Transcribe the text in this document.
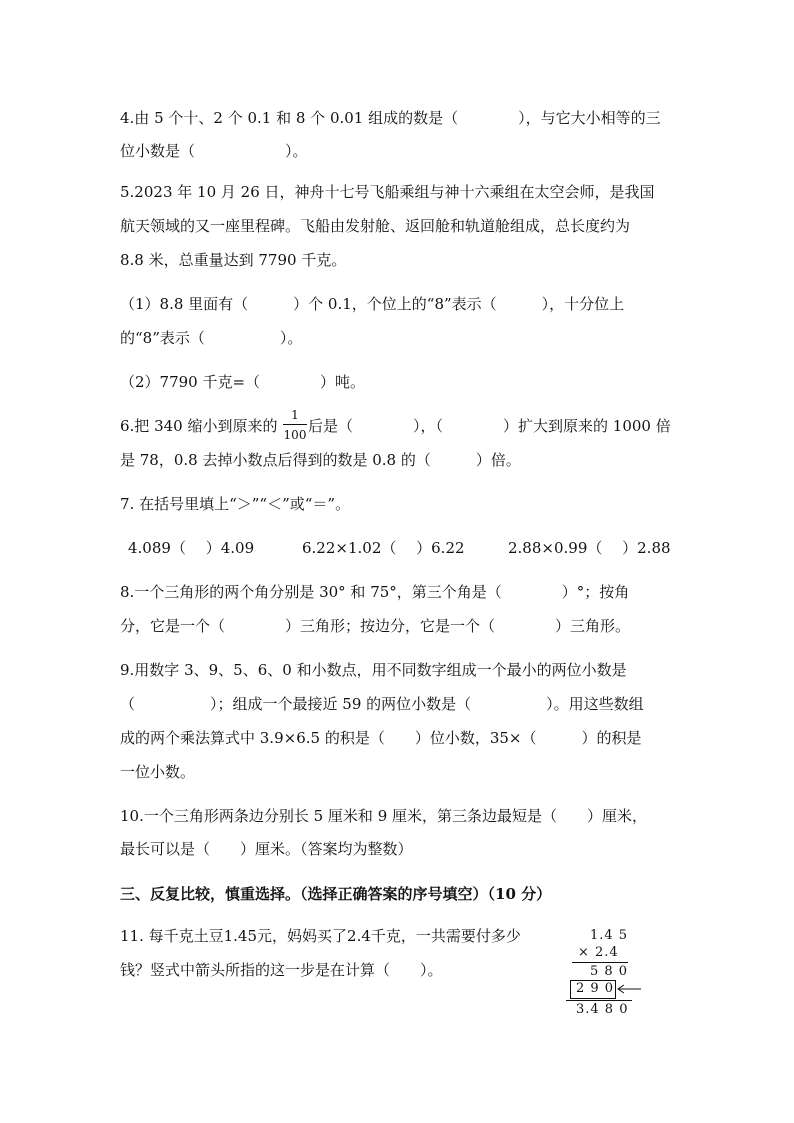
4.由 5 个十、2 个 0.1 和 8 个 0.01 组成的数是（　　　　），与它大小相等的三
位小数是（　　　　　　）。
5.2023 年 10 月 26 日，神舟十七号飞船乘组与神十六乘组在太空会师，是我国
航天领域的又一座里程碑。飞船由发射舱、返回舱和轨道舱组成，总长度约为
8.8 米，总重量达到 7790 千克。
（1）8.8 里面有（　　　）个 0.1，个位上的“8”表示（　　　），十分位上
的“8”表示（　　　　　）。
（2）7790 千克=（　　　　）吨。
6.把 340 缩小到原来的
1
100 后是（　　　　），（　　　　）扩大到原来的 1000 倍
是 78，0.8 去掉小数点后得到的数是 0.8 的（　　　）倍。
7. 在括号里填上“＞”“＜”或“＝”。
4.089（　 ）4.09	6.22×1.02（　 ）6.22	2.88×0.99（　 ）2.88
8.一个三角形的两个角分别是 30° 和 75°，第三个角是（　　　　）°；按角
分，它是一个（　　　　）三角形；按边分，它是一个（　　　　）三角形。
9.用数字 3、9、5、6、0 和小数点，用不同数字组成一个最小的两位小数是
（　　　　　）；组成一个最接近 59 的两位小数是（　　　　　）。用这些数组
成的两个乘法算式中 3.9×6.5 的积是（　　）位小数，35×（　　　）的积是
一位小数。
10.一个三角形两条边分别长 5 厘米和 9 厘米，第三条边最短是（　　）厘米，
最长可以是（　　）厘米。（答案均为整数）
三、反复比较，慎重选择。（选择正确答案的序号填空）（10 分）
11. 每千克土豆1.45元，妈妈买了2.4千克，一共需要付多少
钱？竖式中箭头所指的这一步是在计算（　　）。
1.4 5
× 2.4
5 8 0
2 9 0
3.4 8 0
